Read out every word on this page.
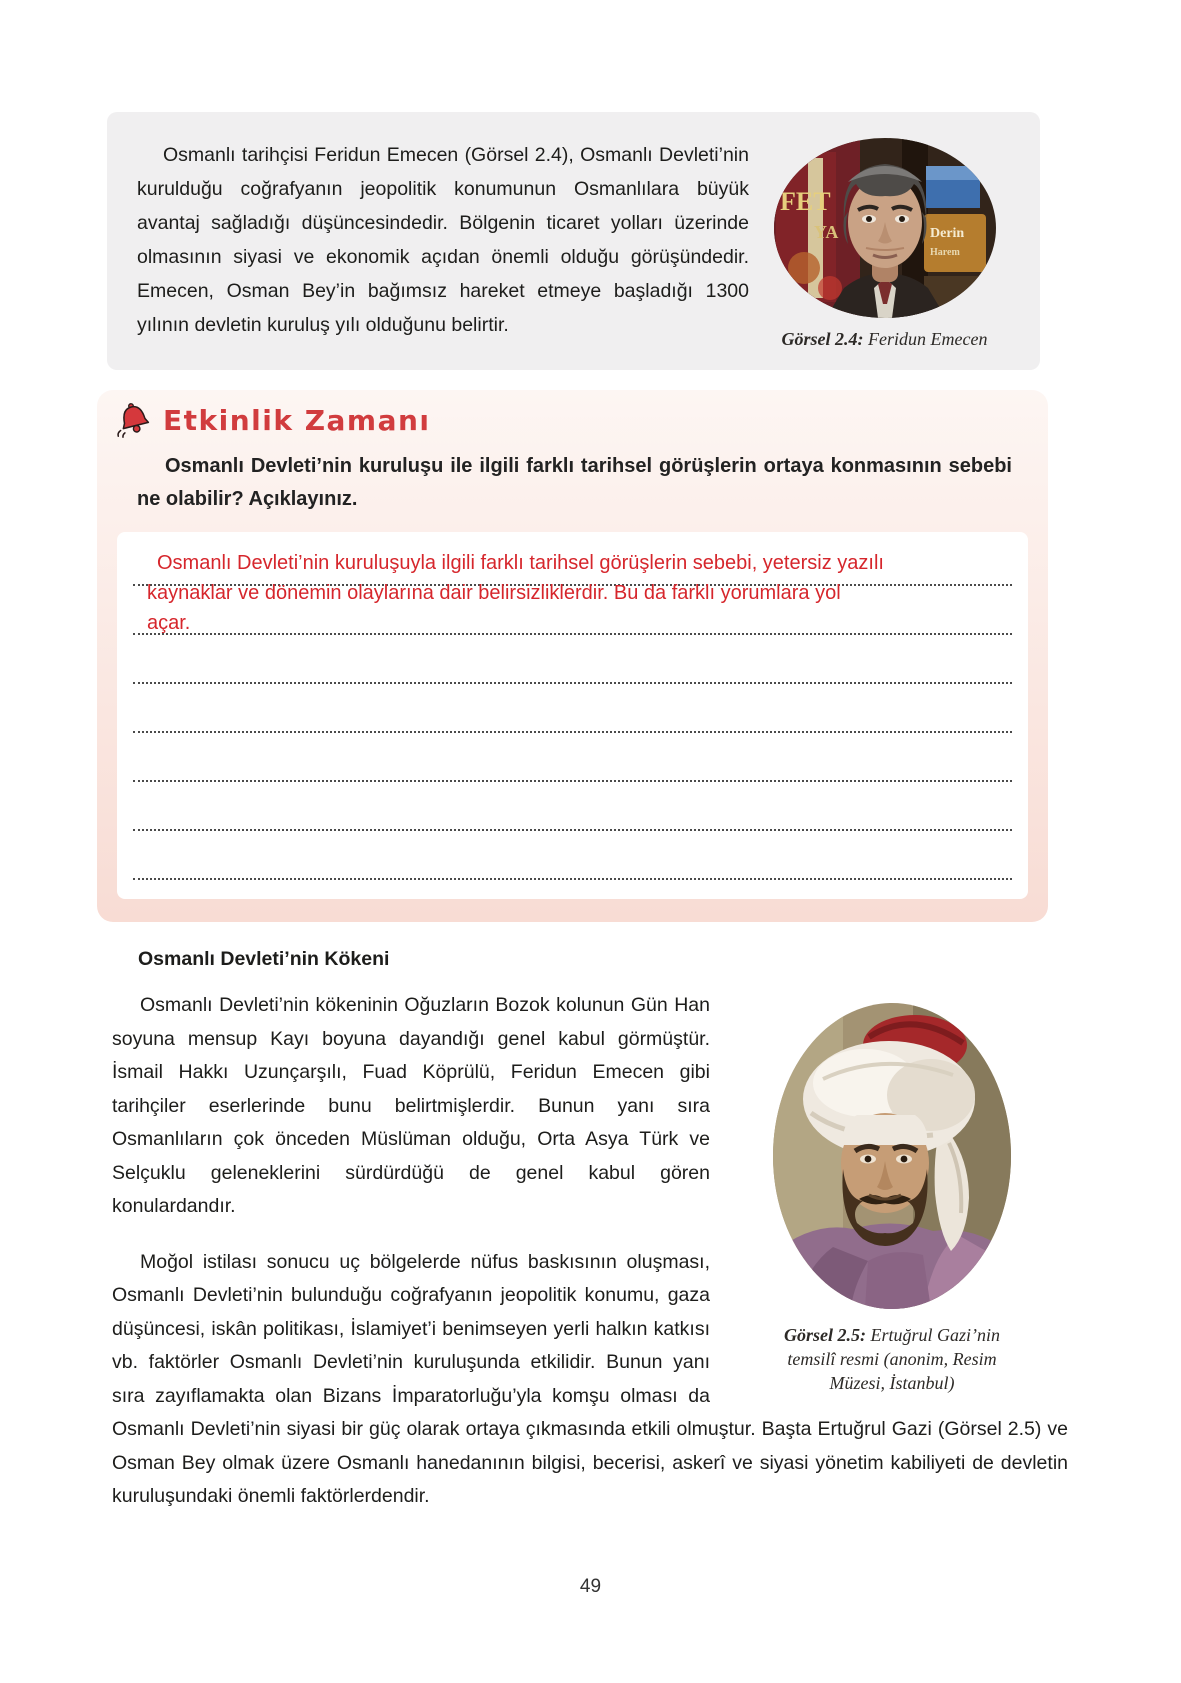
Osmanlı tarihçisi Feridun Emecen (Görsel 2.4), Osmanlı Devleti’nin kurulduğu coğrafyanın jeopolitik konumunun Osmanlılara büyük avantaj sağladığı düşüncesindedir. Bölgenin ticaret yolları üzerinde olmasının siyasi ve ekonomik açıdan önemli olduğu görüşündedir. Emecen, Osman Bey’in bağımsız hareket etmeye başladığı 1300 yılının devletin kuruluş yılı olduğunu belirtir.

FET
YA	Derin
Harem
Görsel 2.4: Feridun Emecen
Etkinlik Zamanı

Osmanlı Devleti’nin kuruluşu ile ilgili farklı tarihsel görüşlerin ortaya konmasının sebebi ne olabilir? Açıklayınız.

Osmanlı Devleti’nin kuruluşuyla ilgili farklı tarihsel görüşlerin sebebi, yetersiz yazılı
kaynaklar ve dönemin olaylarına dair belirsizliklerdir. Bu da farklı yorumlara yol
açar.
Osmanlı Devleti’nin Kökeni
Görsel 2.5: Ertuğrul Gazi’nin temsilî resmi (anonim, Resim Müzesi, İstanbul)

Osmanlı Devleti’nin kökeninin Oğuzların Bozok kolunun Gün Han soyuna mensup Kayı boyuna dayandığı genel kabul görmüştür. İsmail Hakkı Uzunçarşılı, Fuad Köprülü, Feridun Emecen gibi tarihçiler eserlerinde bunu belirtmişlerdir. Bunun yanı sıra Osmanlıların çok önceden Müslüman olduğu, Orta Asya Türk ve Selçuklu geleneklerini sürdürdüğü de genel kabul gören konulardandır.

Moğol istilası sonucu uç bölgelerde nüfus baskısının oluşması, Osmanlı Devleti’nin bulunduğu coğrafyanın jeopolitik konumu, gaza düşüncesi, iskân politikası, İslamiyet’i benimseyen yerli halkın katkısı vb. faktörler Osmanlı Devleti’nin kuruluşunda etkilidir. Bunun yanı sıra zayıflamakta olan Bizans İmparatorluğu’yla komşu olması da Osmanlı Devleti’nin siyasi bir güç olarak ortaya çıkmasında etkili olmuştur. Başta Ertuğrul Gazi (Görsel 2.5) ve Osman Bey olmak üzere Osmanlı hanedanının bilgisi, becerisi, askerî ve siyasi yönetim kabiliyeti de devletin kuruluşundaki önemli faktörlerdendir.

49
